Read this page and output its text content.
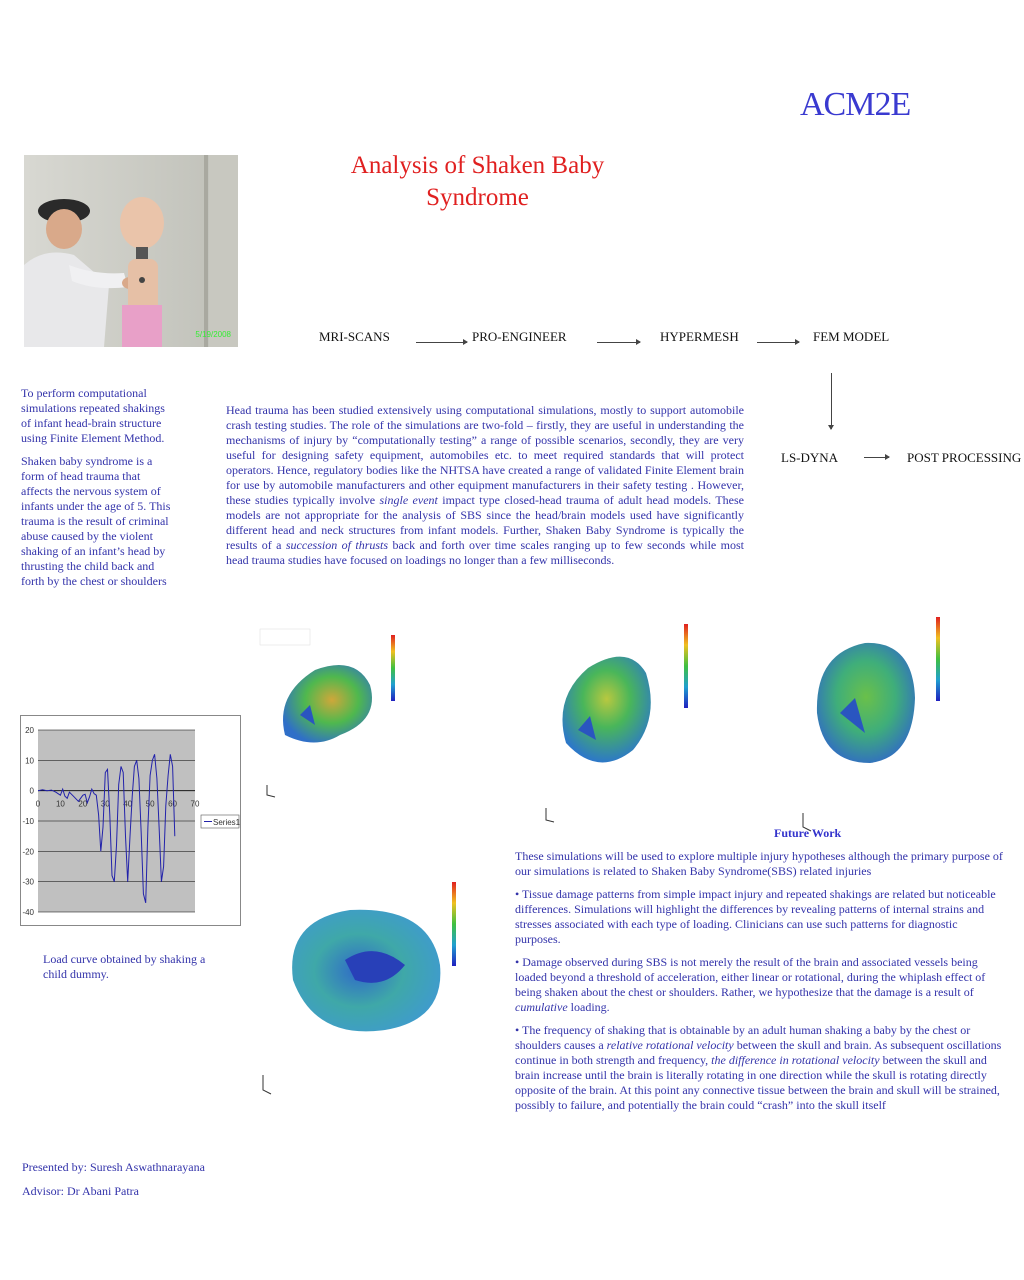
ACM2E
Analysis of Shaken Baby
Syndrome
5/19/2008	MRI-SCANS	PRO-ENGINEER	HYPERMESH	FEM MODEL
LS-DYNA	POST PROCESSING

To perform computational simulations repeated shakings of infant head-brain structure using Finite Element Method.

Shaken baby syndrome is a form of head trauma that affects the nervous system of infants under the age of 5. This trauma is the result of criminal abuse caused by the violent shaking of an infant’s head by thrusting the child back and forth by the chest or shoulders

Head trauma has been studied extensively using computational simulations, mostly to support automobile crash testing studies. The role of the simulations are two-fold – firstly, they are useful in understanding the mechanisms of injury by “computationally testing” a range of possible scenarios, secondly, they are very useful for designing safety equipment, automobiles etc. to meet required standards that will protect operators. Hence, regulatory bodies like the NHTSA have created a range of validated Finite Element brain for use by automobile manufacturers and other equipment manufacturers in their safety testing . However, these studies typically involve single event impact type closed-head trauma of adult head models. These models are not appropriate for the analysis of SBS since the head/brain models used have significantly different head and neck structures from infant models. Further, Shaken Baby Syndrome is typically the results of a succession of thrusts back and forth over time scales ranging up to few seconds while most head trauma studies have focused on loadings no longer than a few milliseconds.
20
10
0
-10
-20
-30
-40
0 10 20 30 40 50 60 70
Series1
Load curve obtained by shaking a child dummy.
Future Work

These simulations will be used to explore multiple injury hypotheses although the primary purpose of our simulations is related to Shaken Baby Syndrome(SBS) related injuries

• Tissue damage patterns from simple impact injury and repeated shakings are related but noticeable differences. Simulations will highlight the differences by revealing patterns of internal strains and stresses associated with each type of loading. Clinicians can use such patterns for diagnostic purposes.

• Damage observed during SBS is not merely the result of the brain and associated vessels being loaded beyond a threshold of acceleration, either linear or rotational, during the whiplash effect of being shaken about the chest or shoulders. Rather, we hypothesize that the damage is a result of cumulative loading.

• The frequency of shaking that is obtainable by an adult human shaking a baby by the chest or shoulders causes a relative rotational velocity between the skull and brain. As subsequent oscillations continue in both strength and frequency, the difference in rotational velocity between the skull and brain increase until the brain is literally rotating in one direction while the skull is rotating directly opposite of the brain. At this point any connective tissue between the brain and skull will be strained, possibly to failure, and potentially the brain could “crash” into the skull itself

Presented by: Suresh Aswathnarayana
Advisor: Dr Abani Patra
